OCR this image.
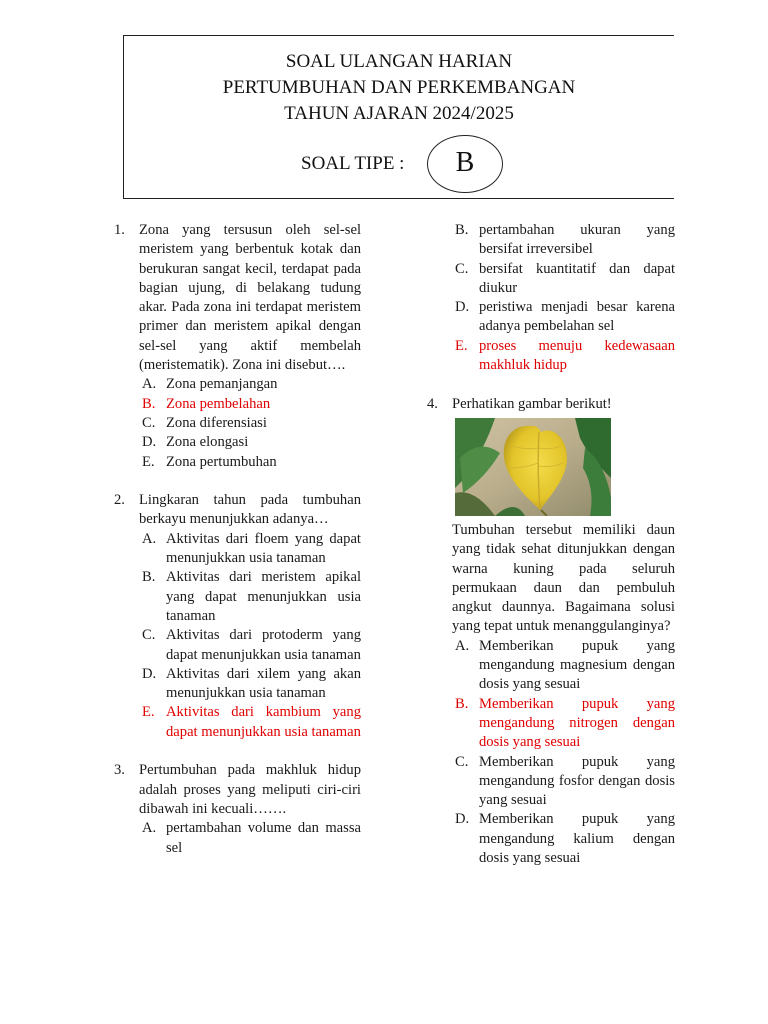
SOAL ULANGAN HARIAN
PERTUMBUHAN DAN PERKEMBANGAN
TAHUN AJARAN 2024/2025
SOAL TIPE :	B
1. Zona yang tersusun oleh sel-sel meristem yang berbentuk kotak dan berukuran sangat kecil, terdapat pada bagian ujung, di belakang tudung akar. Pada zona ini terdapat meristem primer dan meristem apikal dengan sel-sel yang aktif membelah (meristematik). Zona ini disebut….
A. Zona pemanjangan
B. Zona pembelahan
C. Zona diferensiasi
D. Zona elongasi
E. Zona pertumbuhan
2. Lingkaran tahun pada tumbuhan berkayu menunjukkan adanya…
A. Aktivitas dari floem yang dapat menunjukkan usia tanaman
B. Aktivitas dari meristem apikal yang dapat menunjukkan usia tanaman
C. Aktivitas dari protoderm yang dapat menunjukkan usia tanaman
D. Aktivitas dari xilem yang akan menunjukkan usia tanaman
E. Aktivitas dari kambium yang dapat menunjukkan usia tanaman
3. Pertumbuhan pada makhluk hidup adalah proses yang meliputi ciri-ciri dibawah ini kecuali…….
A. pertambahan volume dan massa sel
B. pertambahan ukuran yang bersifat irreversibel
C. bersifat kuantitatif dan dapat diukur
D. peristiwa menjadi besar karena adanya pembelahan sel
E. proses menuju kedewasaan makhluk hidup
4. Perhatikan gambar berikut!
Tumbuhan tersebut memiliki daun yang tidak sehat ditunjukkan dengan warna kuning pada seluruh permukaan daun dan pembuluh angkut daunnya. Bagaimana solusi yang tepat untuk menanggulanginya?
A. Memberikan pupuk yang mengandung magnesium dengan dosis yang sesuai
B. Memberikan pupuk yang mengandung nitrogen dengan dosis yang sesuai
C. Memberikan pupuk yang mengandung fosfor dengan dosis yang sesuai
D. Memberikan pupuk yang mengandung kalium dengan dosis yang sesuai
